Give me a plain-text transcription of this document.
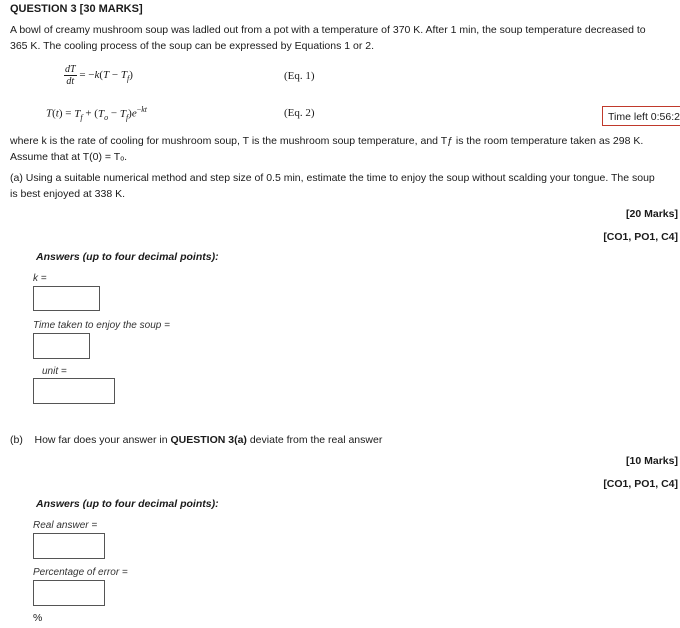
QUESTION 3 [30 MARKS]
A bowl of creamy mushroom soup was ladled out from a pot with a temperature of 370 K. After 1 min, the soup temperature decreased to
365 K. The cooling process of the soup can be expressed by Equations 1 or 2.
$\frac{dT}{dt} = -k(T - T_f)$	(Eq. 1)
$T(t) = T_f + (T_o - T_f)e^{-kt}$	(Eq. 2)	Time left 0:56:2
where k is the rate of cooling for mushroom soup, T is the mushroom soup temperature, and Tƒ is the room temperature taken as 298 K.
Assume that at T(0) = Tₒ.
(a) Using a suitable numerical method and step size of 0.5 min, estimate the time to enjoy the soup without scalding your tongue. The soup
is best enjoyed at 338 K.
[20 Marks]
[CO1, PO1, C4]
Answers (up to four decimal points):
k =
Time taken to enjoy the soup =
unit =
(b)    How far does your answer in QUESTION 3(a) deviate from the real answer
[10 Marks]
[CO1, PO1, C4]
Answers (up to four decimal points):
Real answer =
Percentage of error =
%
